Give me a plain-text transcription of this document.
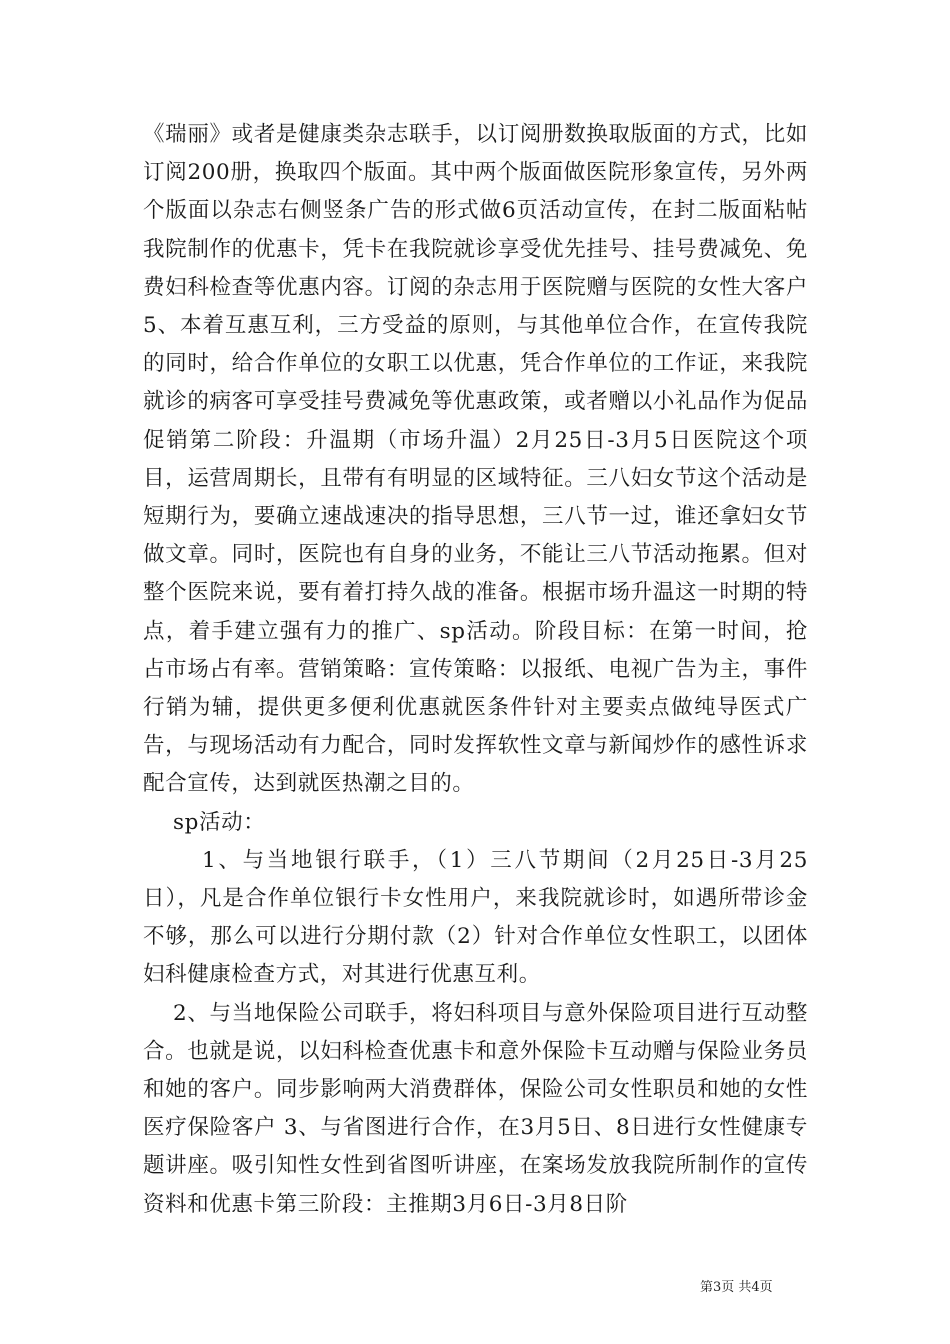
《瑞丽》或者是健康类杂志联手，以订阅册数换取版面的方式，比如订阅200册，换取四个版面。其中两个版面做医院形象宣传，另外两个版面以杂志右侧竖条广告的形式做6页活动宣传，在封二版面粘帖我院制作的优惠卡，凭卡在我院就诊享受优先挂号、挂号费减免、免费妇科检查等优惠内容。订阅的杂志用于医院赠与医院的女性大客户 5、本着互惠互利，三方受益的原则，与其他单位合作，在宣传我院的同时，给合作单位的女职工以优惠，凭合作单位的工作证，来我院就诊的病客可享受挂号费减免等优惠政策，或者赠以小礼品作为促品促销第二阶段：升温期（市场升温）2月25日-3月5日医院这个项目，运营周期长，且带有有明显的区域特征。三八妇女节这个活动是短期行为，要确立速战速决的指导思想，三八节一过，谁还拿妇女节做文章。同时，医院也有自身的业务，不能让三八节活动拖累。但对整个医院来说，要有着打持久战的准备。根据市场升温这一时期的特点，着手建立强有力的推广、sp活动。阶段目标：在第一时间，抢占市场占有率。营销策略：宣传策略：以报纸、电视广告为主，事件行销为辅，提供更多便利优惠就医条件针对主要卖点做纯导医式广告，与现场活动有力配合，同时发挥软性文章与新闻炒作的感性诉求配合宣传，达到就医热潮之目的。

sp活动：

1、与当地银行联手，（1）三八节期间（2月25日-3月25日），凡是合作单位银行卡女性用户，来我院就诊时，如遇所带诊金不够，那么可以进行分期付款（2）针对合作单位女性职工，以团体妇科健康检查方式，对其进行优惠互利。

2、与当地保险公司联手，将妇科项目与意外保险项目进行互动整合。也就是说，以妇科检查优惠卡和意外保险卡互动赠与保险业务员和她的客户。同步影响两大消费群体，保险公司女性职员和她的女性医疗保险客户 3、与省图进行合作，在3月5日、8日进行女性健康专题讲座。吸引知性女性到省图听讲座，在案场发放我院所制作的宣传资料和优惠卡第三阶段：主推期3月6日-3月8日阶

第3页 共4页
